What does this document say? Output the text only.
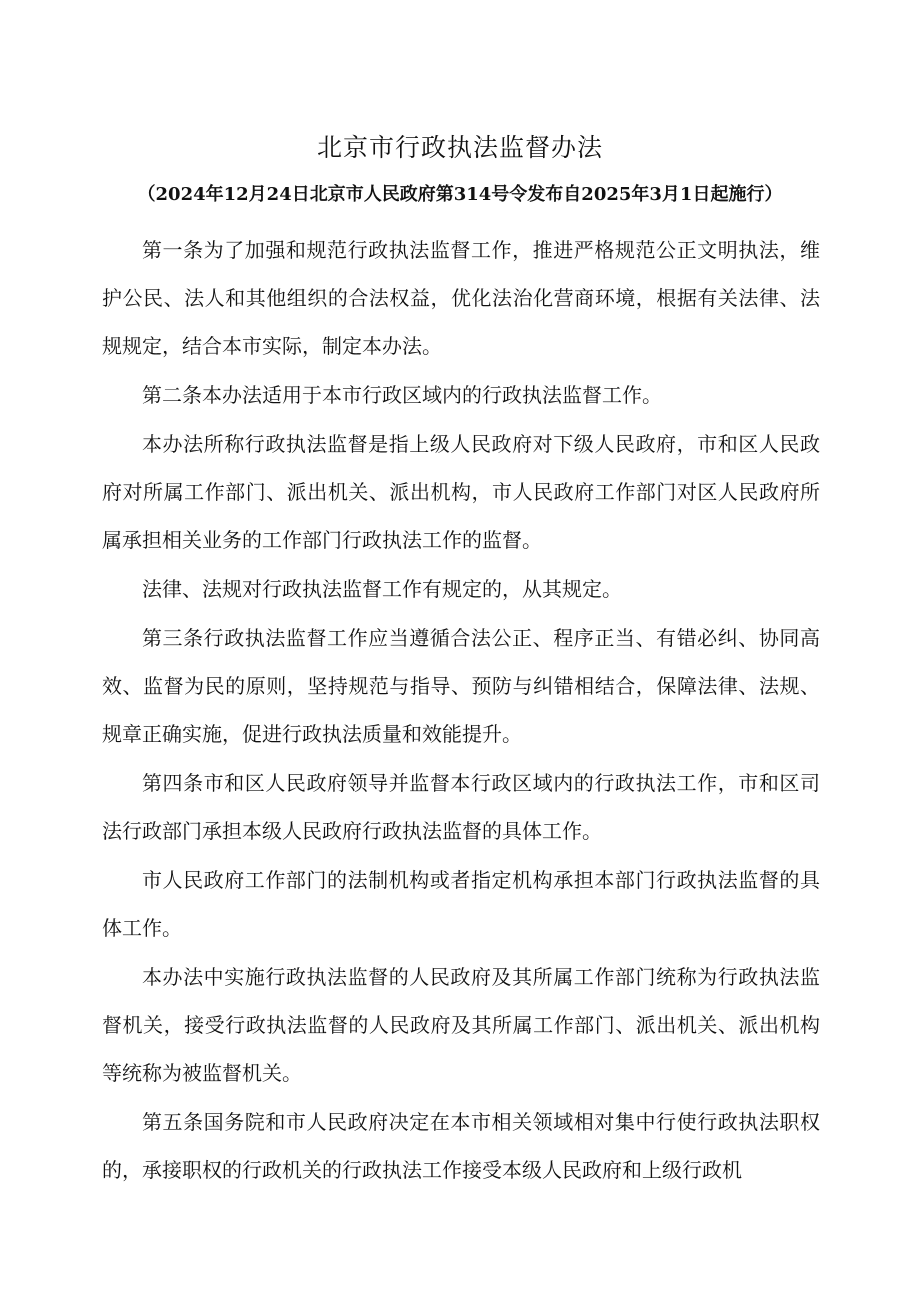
北京市行政执法监督办法
（2024年12月24日北京市人民政府第314号令发布自2025年3月1日起施行）

第一条为了加强和规范行政执法监督工作，推进严格规范公正文明执法，维护公民、法人和其他组织的合法权益，优化法治化营商环境，根据有关法律、法规规定，结合本市实际，制定本办法。

第二条本办法适用于本市行政区域内的行政执法监督工作。

本办法所称行政执法监督是指上级人民政府对下级人民政府，市和区人民政府对所属工作部门、派出机关、派出机构，市人民政府工作部门对区人民政府所属承担相关业务的工作部门行政执法工作的监督。

法律、法规对行政执法监督工作有规定的，从其规定。

第三条行政执法监督工作应当遵循合法公正、程序正当、有错必纠、协同高效、监督为民的原则，坚持规范与指导、预防与纠错相结合，保障法律、法规、规章正确实施，促进行政执法质量和效能提升。

第四条市和区人民政府领导并监督本行政区域内的行政执法工作，市和区司法行政部门承担本级人民政府行政执法监督的具体工作。

市人民政府工作部门的法制机构或者指定机构承担本部门行政执法监督的具体工作。

本办法中实施行政执法监督的人民政府及其所属工作部门统称为行政执法监督机关，接受行政执法监督的人民政府及其所属工作部门、派出机关、派出机构等统称为被监督机关。

第五条国务院和市人民政府决定在本市相关领域相对集中行使行政执法职权的，承接职权的行政机关的行政执法工作接受本级人民政府和上级行政机
